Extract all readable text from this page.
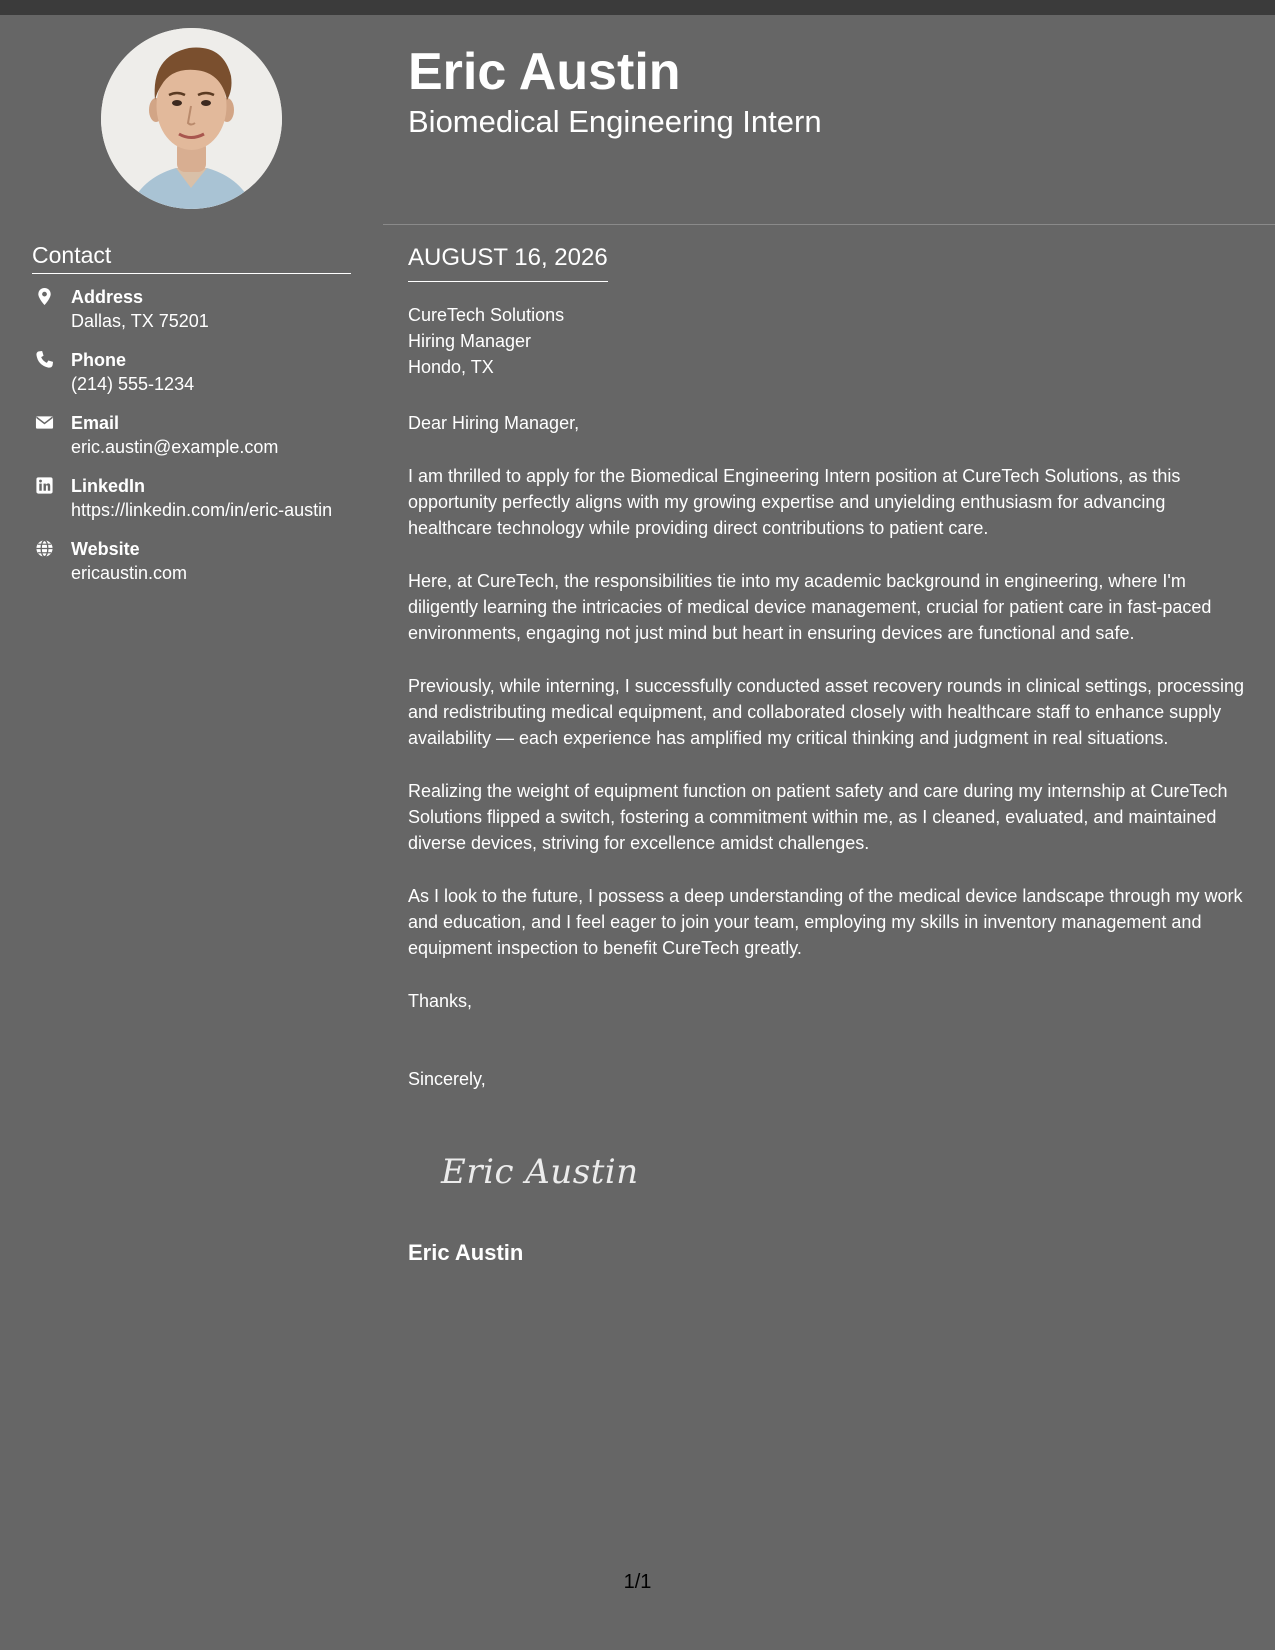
Contact
Address
Dallas, TX 75201
Phone
(214) 555-1234
Email
eric.austin@example.com
LinkedIn
https://linkedin.com/in/eric-austin
Website
ericaustin.com
Eric Austin
Biomedical Engineering Intern
AUGUST 16, 2026
CureTech Solutions
Hiring Manager
Hondo, TX

Dear Hiring Manager,

I am thrilled to apply for the Biomedical Engineering Intern position at CureTech Solutions, as this opportunity perfectly aligns with my growing expertise and unyielding enthusiasm for advancing healthcare technology while providing direct contributions to patient care.

Here, at CureTech, the responsibilities tie into my academic background in engineering, where I'm diligently learning the intricacies of medical device management, crucial for patient care in fast-paced environments, engaging not just mind but heart in ensuring devices are functional and safe.

Previously, while interning, I successfully conducted asset recovery rounds in clinical settings, processing and redistributing medical equipment, and collaborated closely with healthcare staff to enhance supply availability — each experience has amplified my critical thinking and judgment in real situations.

Realizing the weight of equipment function on patient safety and care during my internship at CureTech Solutions flipped a switch, fostering a commitment within me, as I cleaned, evaluated, and maintained diverse devices, striving for excellence amidst challenges.

As I look to the future, I possess a deep understanding of the medical device landscape through my work and education, and I feel eager to join your team, employing my skills in inventory management and equipment inspection to benefit CureTech greatly.

Thanks,

Sincerely,

Eric Austin
Eric Austin
1/1
